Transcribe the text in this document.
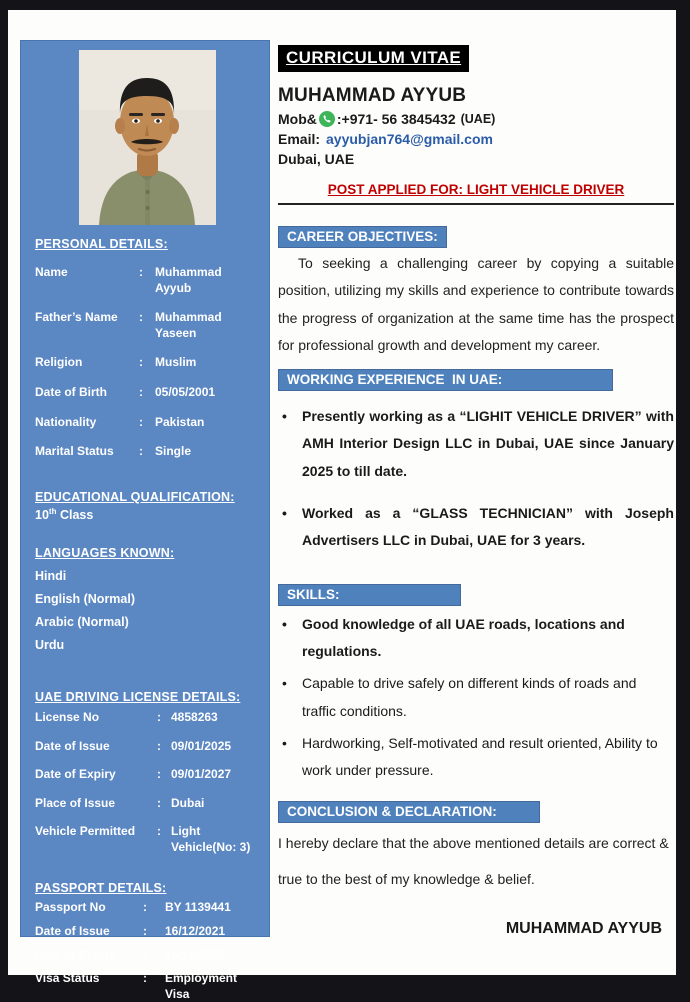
PERSONAL DETAILS:
Name	:	Muhammad Ayyub
Father’s Name	:	Muhammad Yaseen
Religion	:	Muslim
Date of Birth	:	05/05/2001
Nationality	:	Pakistan
Marital Status	:	Single
EDUCATIONAL QUALIFICATION:
10th Class
LANGUAGES KNOWN:
Hindi
English (Normal)
Arabic (Normal)
Urdu
UAE DRIVING LICENSE DETAILS:
License No	: 4858263
Date of Issue	: 09/01/2025
Date of Expiry	: 09/01/2027
Place of Issue	: Dubai
Vehicle Permitted	: Light Vehicle(No: 3)
PASSPORT DETAILS:
Passport No	:	BY 1139441
Date of Issue	:	16/12/2021
Date of Expiry	:	15/12/2026
Visa Status	:	Employment Visa
CURRICULUM VITAE
MUHAMMAD AYYUB
Mob& :+971- 56 3845432 (UAE)
Email: ayyubjan764@gmail.com
Dubai, UAE
POST APPLIED FOR: LIGHT VEHICLE DRIVER
CAREER OBJECTIVES:

To seeking a challenging career by copying a suitable position, utilizing my skills and experience to contribute towards the progress of organization at the same time has the prospect for professional growth and development my career.

WORKING EXPERIENCE  IN UAE:
• Presently working as a “LIGHIT VEHICLE DRIVER” with AMH Interior Design LLC in Dubai, UAE since January 2025 to till date.
• Worked as a “GLASS TECHNICIAN” with Joseph Advertisers LLC in Dubai, UAE for 3 years.
SKILLS:
• Good knowledge of all UAE roads, locations and regulations.
• Capable to drive safely on different kinds of roads and traffic conditions.
• Hardworking, Self-motivated and result oriented, Ability to work under pressure.
CONCLUSION & DECLARATION:

I hereby declare that the above mentioned details are correct & true to the best of my knowledge & belief.

MUHAMMAD AYYUB
